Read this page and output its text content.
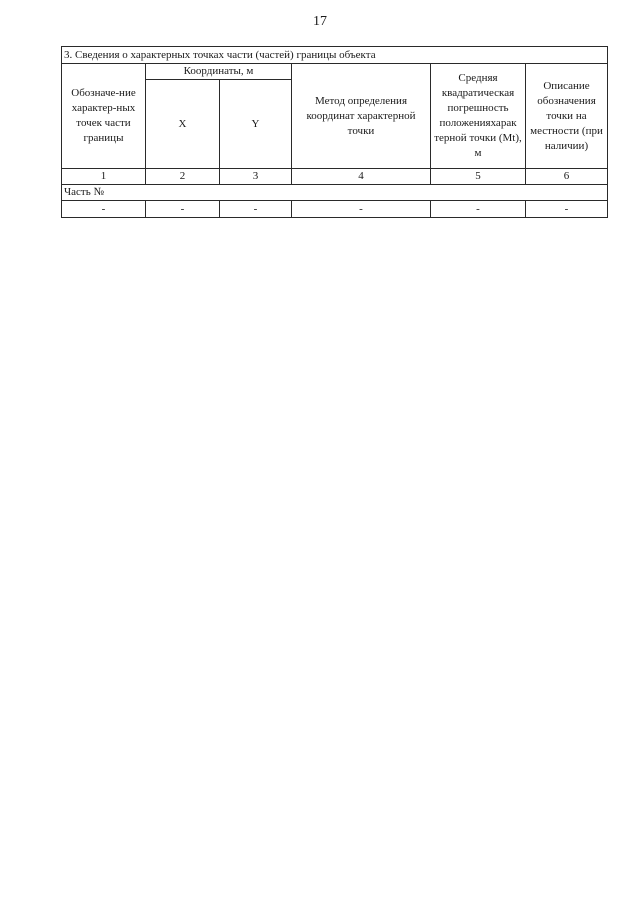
17
3. Сведения о характерных точках части (частей) границы объекта					
Обозначе-ние характер-ных точек части границы	Координаты, м		Метод определения координат характерной точки	Средняя квадратическая погрешность положенияхарак терной точки (Mt), м	Описание обозначения точки на местности (при наличии)
	X	Y			
1	2	3	4	5	6
Часть №					
-	-	-	-	-	-
